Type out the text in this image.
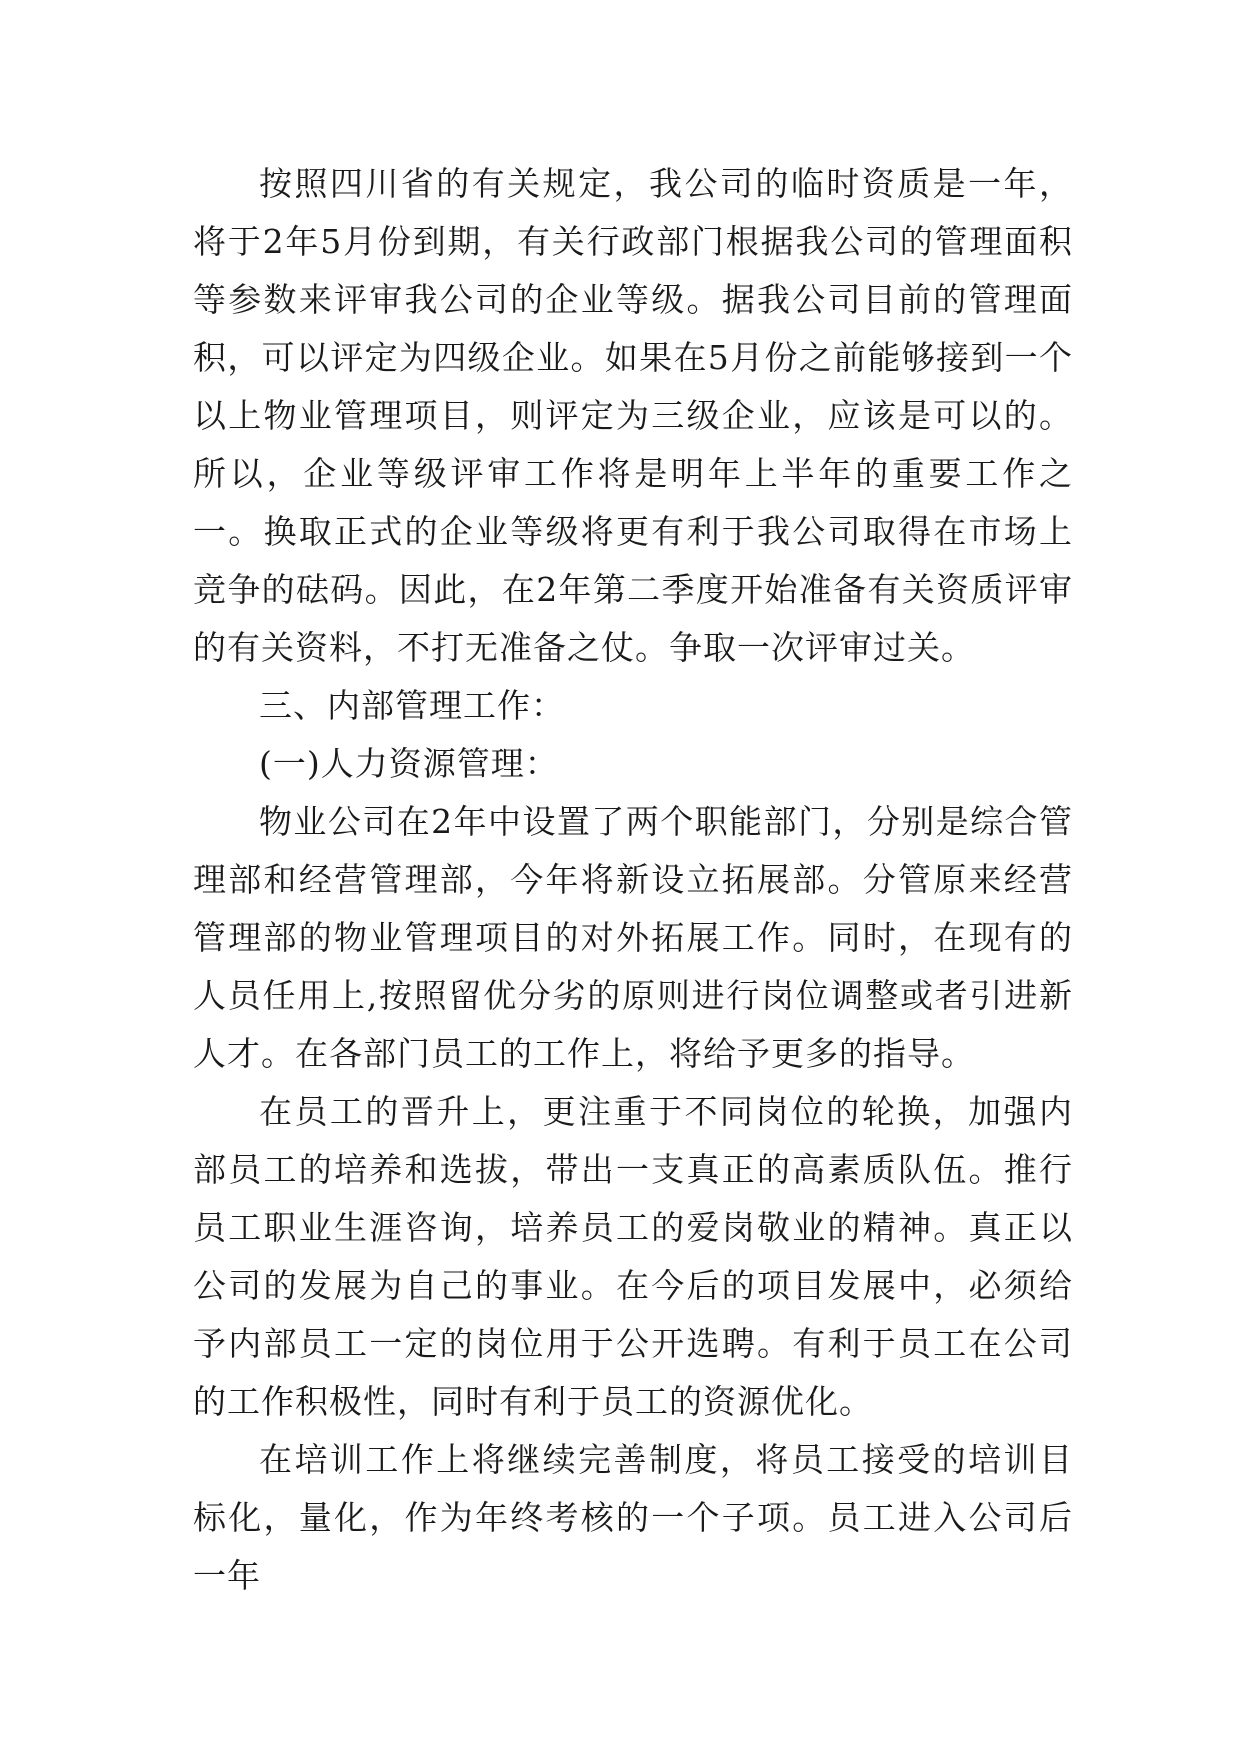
按照四川省的有关规定，我公司的临时资质是一年，将于2年5月份到期，有关行政部门根据我公司的管理面积等参数来评审我公司的企业等级。据我公司目前的管理面积，可以评定为四级企业。如果在5月份之前能够接到一个以上物业管理项目，则评定为三级企业，应该是可以的。所以，企业等级评审工作将是明年上半年的重要工作之一。换取正式的企业等级将更有利于我公司取得在市场上竞争的砝码。因此，在2年第二季度开始准备有关资质评审的有关资料，不打无准备之仗。争取一次评审过关。

三、内部管理工作：

(一)人力资源管理：

物业公司在2年中设置了两个职能部门，分别是综合管理部和经营管理部，今年将新设立拓展部。分管原来经营管理部的物业管理项目的对外拓展工作。同时，在现有的人员任用上,按照留优分劣的原则进行岗位调整或者引进新人才。在各部门员工的工作上，将给予更多的指导。

在员工的晋升上，更注重于不同岗位的轮换，加强内部员工的培养和选拔，带出一支真正的高素质队伍。推行员工职业生涯咨询，培养员工的爱岗敬业的精神。真正以公司的发展为自己的事业。在今后的项目发展中，必须给予内部员工一定的岗位用于公开选聘。有利于员工在公司的工作积极性，同时有利于员工的资源优化。

在培训工作上将继续完善制度，将员工接受的培训目标化，量化，作为年终考核的一个子项。员工进入公司后一年
